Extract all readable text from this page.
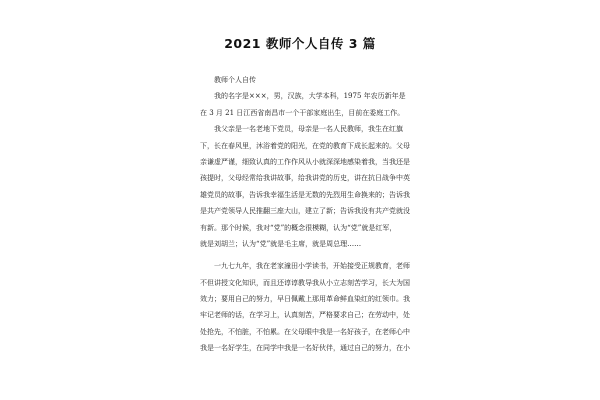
2021 教师个人自传 3 篇
教师个人自传
我的名字是×××，男，汉族，大学本科，1975 年农历新年是
在 3 月 21 日江西省南昌市一个干部家庭出生，目前在委庭工作。
我父亲是一名老地下党员，母亲是一名人民教师，我生在红旗
下，长在春风里，沐浴着党的阳光，在党的教育下成长起来的。父母
亲谦虚严谨，细致认真的工作作风从小就深深地感染着我，当我还是
孩提时，父母经常给我讲故事，给我讲党的历史，讲在抗日战争中英
雄党员的故事，告诉我幸福生活是无数的先烈用生命换来的；告诉我
是共产党领导人民推翻三座大山，建立了新；告诉我没有共产党就没
有新。那个时候，我对“党”的概念很模糊，认为“党”就是红军，
就是刘胡兰；认为“党”就是毛主席，就是周总理……
一九七九年，我在老家潼田小学读书，开始接受正规教育，老师
不但讲授文化知识，而且还谆谆教导我从小立志刻苦学习，长大为国
效力；要用自己的努力，早日佩戴上那用革命鲜血染红的红领巾。我
牢记老师的话，在学习上，认真刻苦，严格要求自己；在劳动中，处
处抢先，不怕脏，不怕累。在父母眼中我是一名好孩子，在老师心中
我是一名好学生，在同学中我是一名好伙伴，通过自己的努力，在小
